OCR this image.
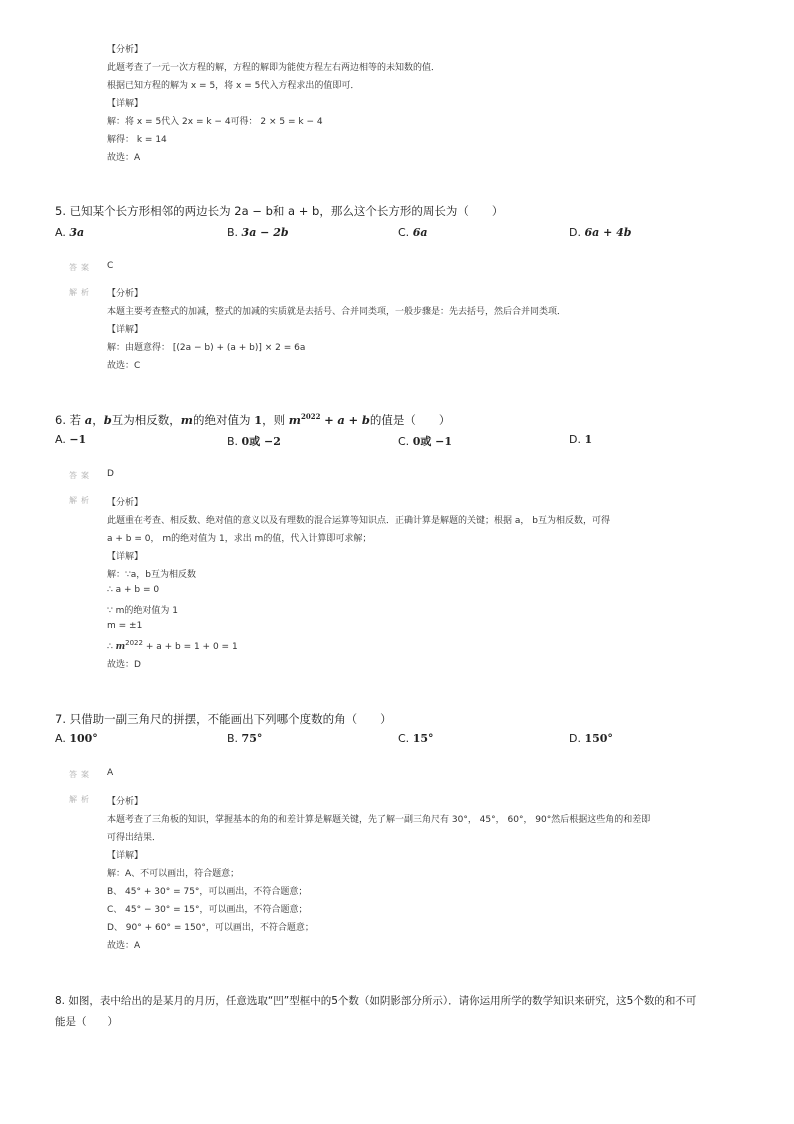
【分析】
此题考查了一元一次方程的解，方程的解即为能使方程左右两边相等的未知数的值．
根据已知方程的解为 x = 5，将 x = 5代入方程求出的值即可．
【详解】
解：将 x = 5代入 2x = k − 4可得： 2 × 5 = k − 4
解得： k = 14
故选：A
5. 已知某个长方形相邻的两边长为 2a − b和 a + b，那么这个长方形的周长为（　　）
A. 3a	B. 3a − 2b	C. 6a	D. 6a + 4b
答案 C
解析 【分析】
本题主要考查整式的加减，整式的加减的实质就是去括号、合并同类项，一般步骤是：先去括号，然后合并同类项．
【详解】
解：由题意得： [(2a − b) + (a + b)] × 2 = 6a
故选：C
6. 若 a，b互为相反数，m的绝对值为 1，则 $m^{2022} + a + b$的值是（　　）
A. −1	B. 0或 −2	C. 0或 −1	D. 1
答案 D
解析 【分析】
此题重在考查、相反数、绝对值的意义以及有理数的混合运算等知识点．正确计算是解题的关键；根据 a， b互为相反数，可得
a + b = 0， m的绝对值为 1，求出 m的值，代入计算即可求解；
【详解】
解：∵a，b互为相反数
∴ a + b = 0
∵ m的绝对值为 1
m = ±1
∴ $m^{2022} + a + b = 1 + 0 = 1$
故选：D
7. 只借助一副三角尺的拼摆，不能画出下列哪个度数的角（　　）
A. 100°	B. 75°	C. 15°	D. 150°
答案 A
解析 【分析】
本题考查了三角板的知识，掌握基本的角的和差计算是解题关键，先了解一副三角尺有 30°， 45°， 60°， 90°然后根据这些角的和差即
可得出结果．
【详解】
解：A、不可以画出，符合题意；
B、 45° + 30° = 75°，可以画出，不符合题意；
C、 45° − 30° = 15°，可以画出，不符合题意；
D、 90° + 60° = 150°，可以画出，不符合题意；
故选：A
8. 如图，表中给出的是某月的月历，任意选取“凹”型框中的5个数（如阴影部分所示）．请你运用所学的数学知识来研究，这5个数的和不可
能是（　　）
